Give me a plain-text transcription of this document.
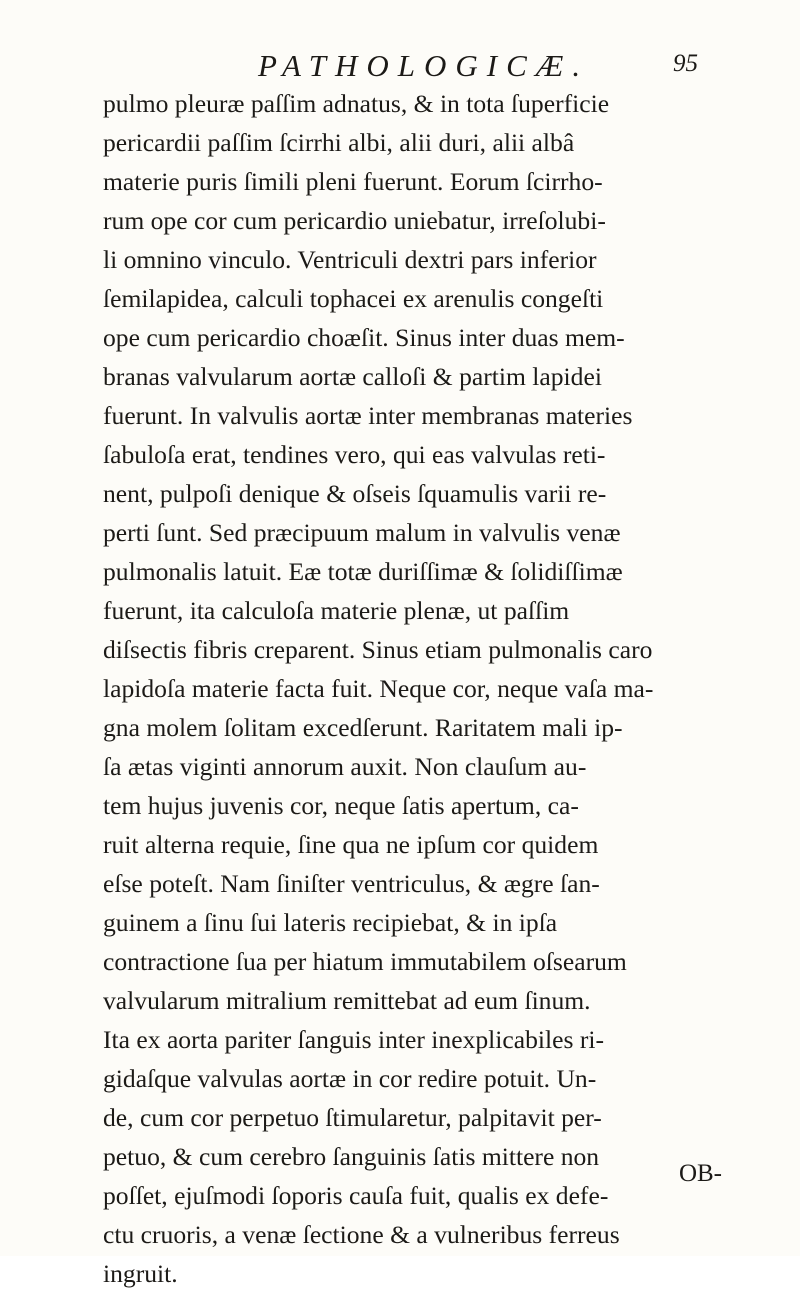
PATHOLOGICÆ.	95
pulmo pleuræ paſſim adnatus, & in tota ſuperficie
pericardii paſſim ſcirrhi albi, alii duri, alii albâ
materie puris ſimili pleni fuerunt. Eorum ſcirrho-
rum ope cor cum pericardio uniebatur, irreſolubi-
li omnino vinculo. Ventriculi dextri pars inferior
ſemilapidea, calculi tophacei ex arenulis congeſti
ope cum pericardio choæſit. Sinus inter duas mem-
branas valvularum aortæ calloſi & partim lapidei
fuerunt. In valvulis aortæ inter membranas materies
ſabuloſa erat, tendines vero, qui eas valvulas reti-
nent, pulpoſi denique & oſseis ſquamulis varii re-
perti ſunt. Sed præcipuum malum in valvulis venæ
pulmonalis latuit. Eæ totæ duriſſimæ & ſolidiſſimæ
fuerunt, ita calculoſa materie plenæ, ut paſſim
diſsectis fibris creparent. Sinus etiam pulmonalis caro
lapidoſa materie facta fuit. Neque cor, neque vaſa ma-
gna molem ſolitam excedſerunt. Raritatem mali ip-
ſa ætas viginti annorum auxit. Non clauſum au-
tem hujus juvenis cor, neque ſatis apertum, ca-
ruit alterna requie, ſine qua ne ipſum cor quidem
eſse poteſt. Nam ſiniſter ventriculus, & ægre ſan-
guinem a ſinu ſui lateris recipiebat, & in ipſa
contractione ſua per hiatum immutabilem oſsearum
valvularum mitralium remittebat ad eum ſinum.
Ita ex aorta pariter ſanguis inter inexplicabiles ri-
gidaſque valvulas aortæ in cor redire potuit. Un-
de, cum cor perpetuo ſtimularetur, palpitavit per-
petuo, & cum cerebro ſanguinis ſatis mittere non
poſſet, ejuſmodi ſoporis cauſa fuit, qualis ex defe-
ctu cruoris, a venæ ſectione & a vulneribus ferreus
ingruit.
OB-
